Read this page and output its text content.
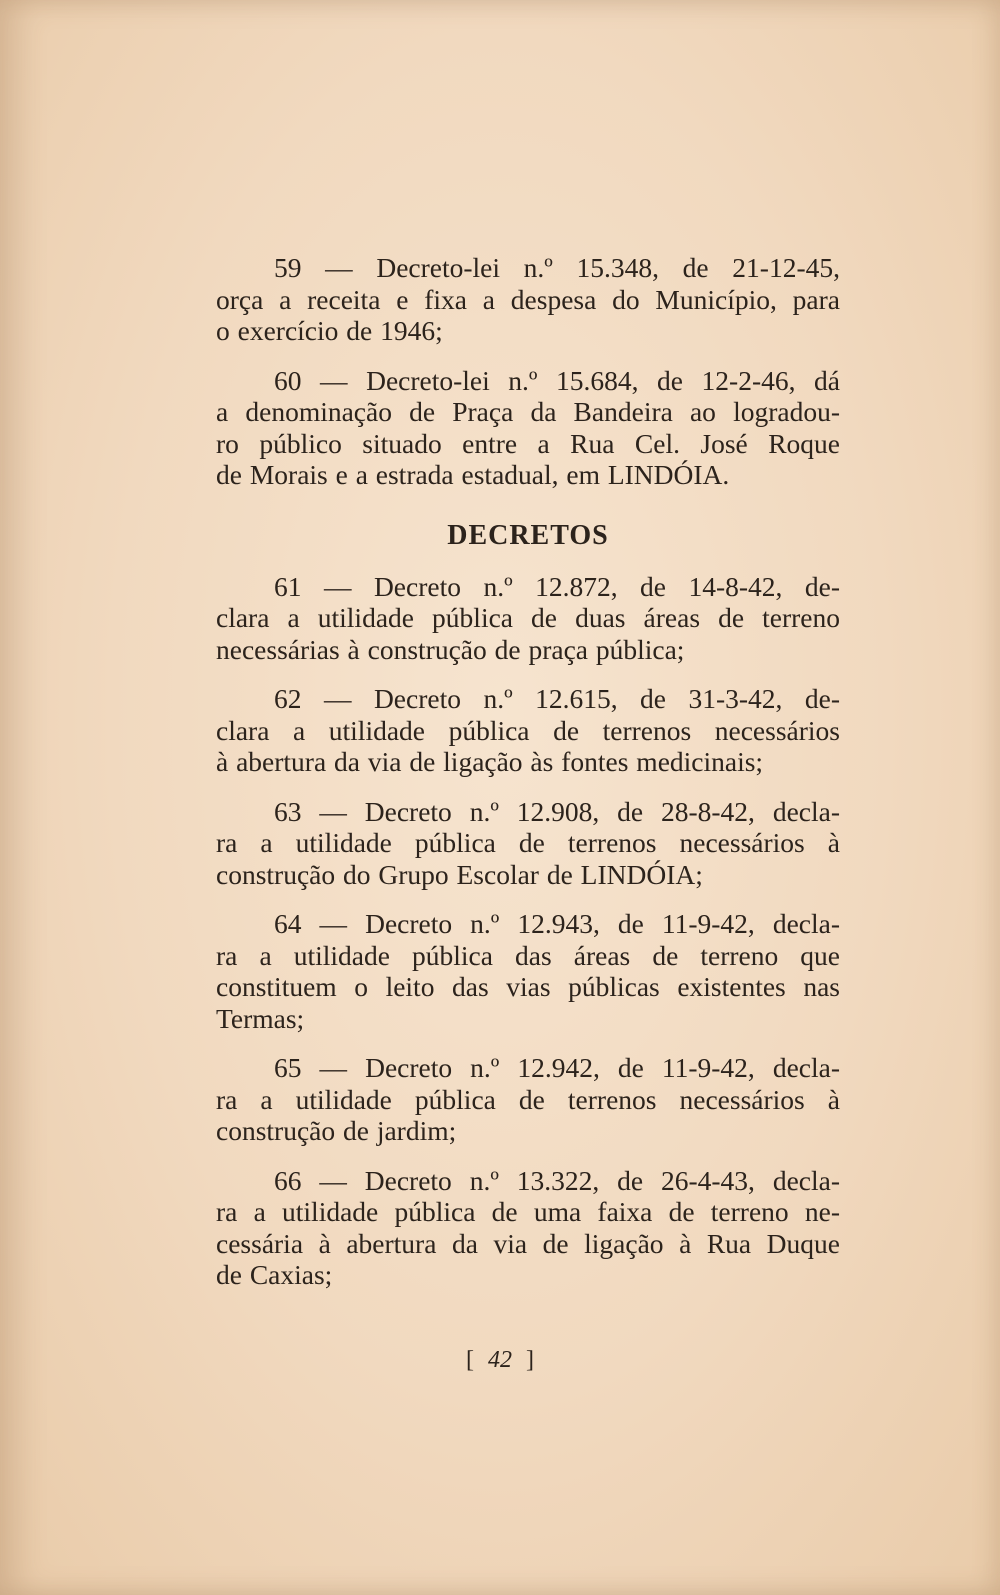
59 — Decreto-lei n.º 15.348, de 21-12-45,
orça a receita e fixa a despesa do Município, para
o exercício de 1946;

60 — Decreto-lei n.º 15.684, de 12-2-46, dá
a denominação de Praça da Bandeira ao logradou-
ro público situado entre a Rua Cel. José Roque
de Morais e a estrada estadual, em LINDÓIA.

DECRETOS

61 — Decreto n.º 12.872, de 14-8-42, de-
clara a utilidade pública de duas áreas de terreno
necessárias à construção de praça pública;

62 — Decreto n.º 12.615, de 31-3-42, de-
clara a utilidade pública de terrenos necessários
à abertura da via de ligação às fontes medicinais;

63 — Decreto n.º 12.908, de 28-8-42, decla-
ra a utilidade pública de terrenos necessários à
construção do Grupo Escolar de LINDÓIA;

64 — Decreto n.º 12.943, de 11-9-42, decla-
ra a utilidade pública das áreas de terreno que
constituem o leito das vias públicas existentes nas
Termas;

65 — Decreto n.º 12.942, de 11-9-42, decla-
ra a utilidade pública de terrenos necessários à
construção de jardim;

66 — Decreto n.º 13.322, de 26-4-43, decla-
ra a utilidade pública de uma faixa de terreno ne-
cessária à abertura da via de ligação à Rua Duque
de Caxias;

[ 42 ]
